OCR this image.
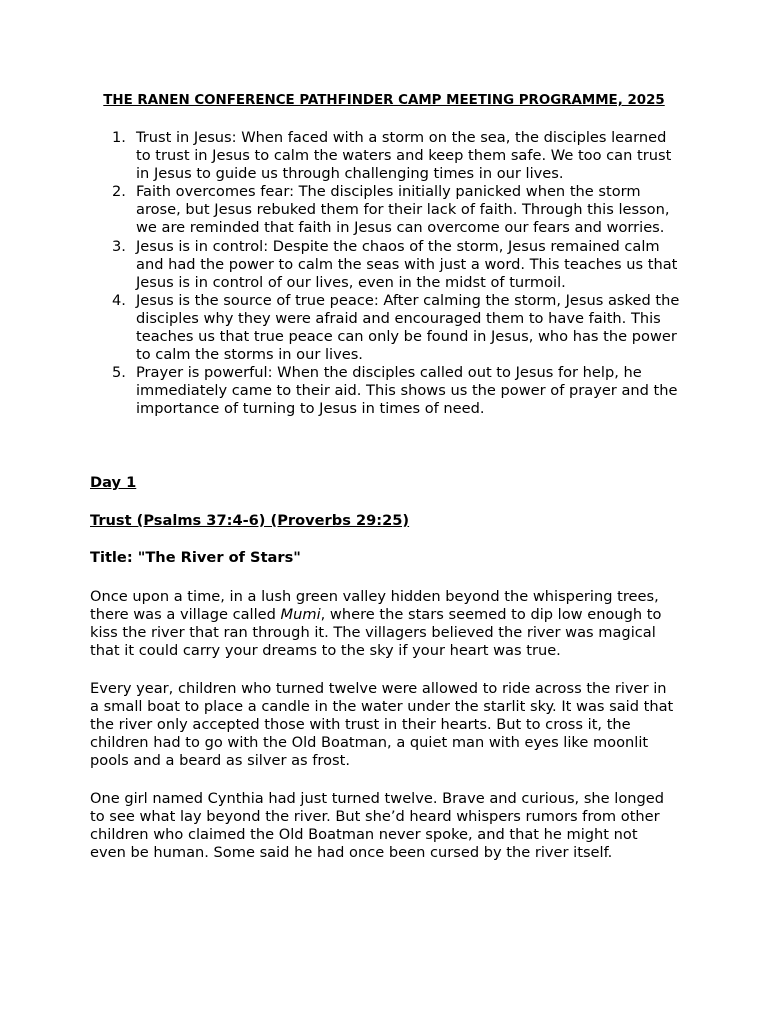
THE RANEN CONFERENCE PATHFINDER CAMP MEETING PROGRAMME, 2025
1. Trust in Jesus: When faced with a storm on the sea, the disciples learned to trust in Jesus to calm the waters and keep them safe. We too can trust in Jesus to guide us through challenging times in our lives.
2. Faith overcomes fear: The disciples initially panicked when the storm arose, but Jesus rebuked them for their lack of faith. Through this lesson, we are reminded that faith in Jesus can overcome our fears and worries.
3. Jesus is in control: Despite the chaos of the storm, Jesus remained calm and had the power to calm the seas with just a word. This teaches us that Jesus is in control of our lives, even in the midst of turmoil.
4. Jesus is the source of true peace: After calming the storm, Jesus asked the disciples why they were afraid and encouraged them to have faith. This teaches us that true peace can only be found in Jesus, who has the power to calm the storms in our lives.
5. Prayer is powerful: When the disciples called out to Jesus for help, he immediately came to their aid. This shows us the power of prayer and the importance of turning to Jesus in times of need.
Day 1
Trust (Psalms 37:4-6) (Proverbs 29:25)
Title: "The River of Stars"

Once upon a time, in a lush green valley hidden beyond the whispering trees, there was a village called Mumi, where the stars seemed to dip low enough to kiss the river that ran through it. The villagers believed the river was magical that it could carry your dreams to the sky if your heart was true.

Every year, children who turned twelve were allowed to ride across the river in a small boat to place a candle in the water under the starlit sky. It was said that the river only accepted those with trust in their hearts. But to cross it, the children had to go with the Old Boatman, a quiet man with eyes like moonlit pools and a beard as silver as frost.

One girl named Cynthia had just turned twelve. Brave and curious, she longed to see what lay beyond the river. But she’d heard whispers rumors from other children who claimed the Old Boatman never spoke, and that he might not even be human. Some said he had once been cursed by the river itself.
